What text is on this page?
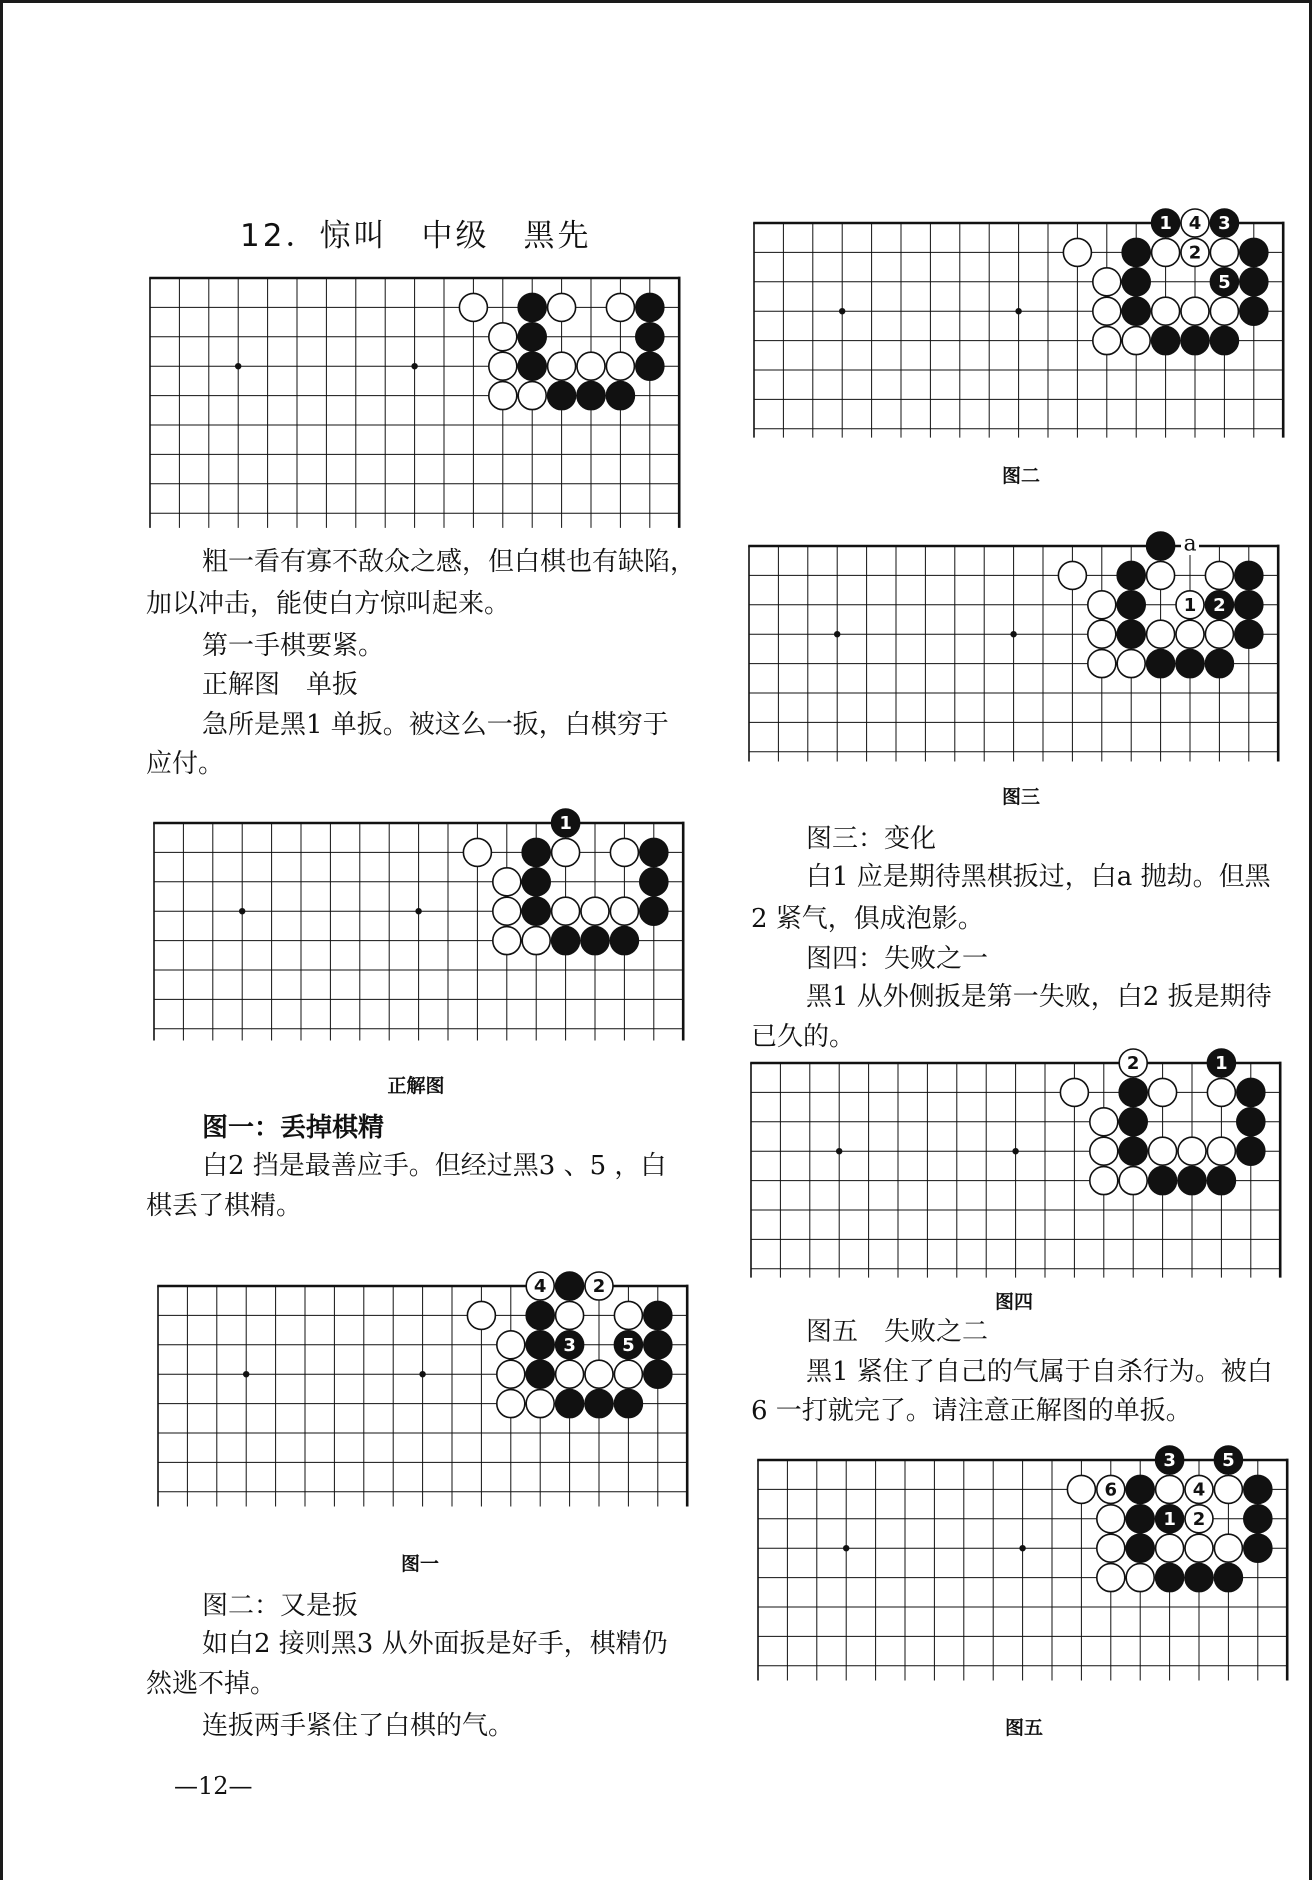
12．惊叫　中级　黑先
粗一看有寡不敌众之感，但白棋也有缺陷，
加以冲击，能使白方惊叫起来。
第一手棋要紧。
正解图　单扳
急所是黑1 单扳。被这么一扳，白棋穷于
应付。
1
正解图
图一：丢掉棋精
白2 挡是最善应手。但经过黑3 、5 ，白
棋丢了棋精。
2
3
4
5
图一
图二：又是扳
如白2 接则黑3 从外面扳是好手，棋精仍
然逃不掉。
连扳两手紧住了白棋的气。
—12—
1
2
3
4
5
图二
1 2
a
图三
图三：变化
白1 应是期待黑棋扳过，白a 抛劫。但黑
2 紧气，俱成泡影。
图四：失败之一
黑1 从外侧扳是第一失败，白2 扳是期待
已久的。
1
2
图四
图五　失败之二
黑1 紧住了自己的气属于自杀行为。被白
6 一打就完了。请注意正解图的单扳。
1 2
3
4
5
6
图五
